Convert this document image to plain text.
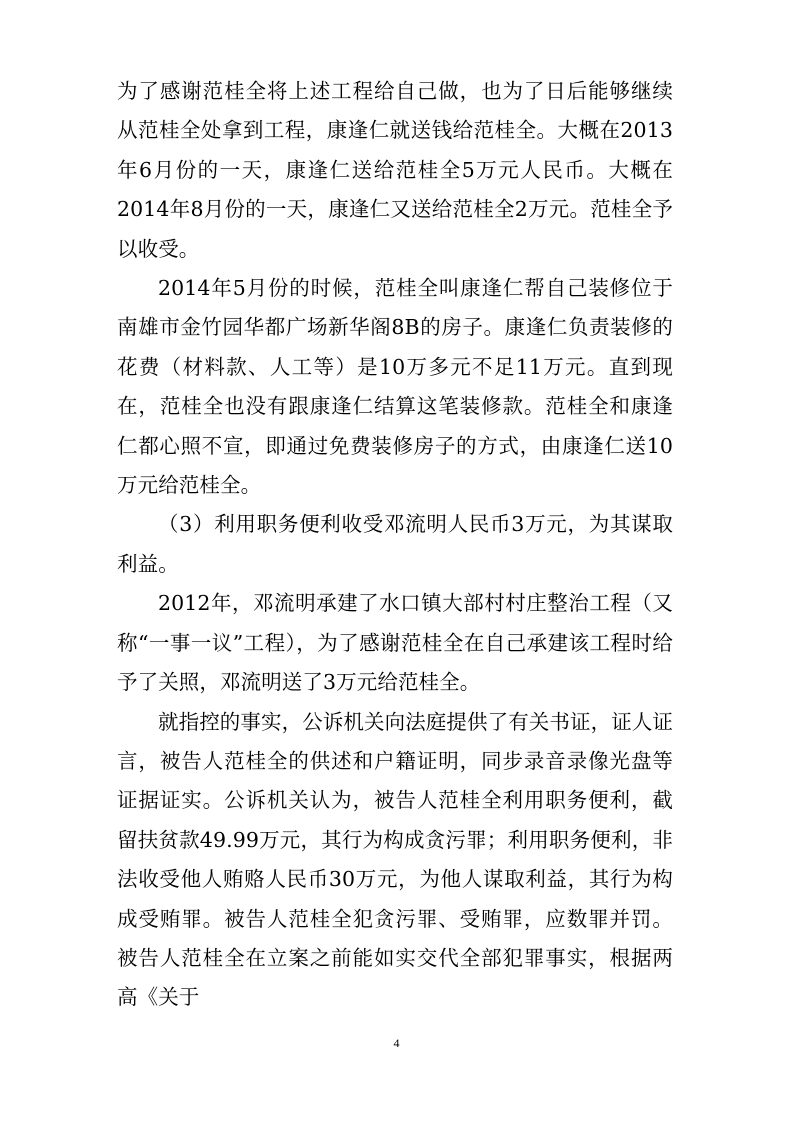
为了感谢范桂全将上述工程给自己做，也为了日后能够继续从范桂全处拿到工程，康逢仁就送钱给范桂全。大概在2013年6月份的一天，康逢仁送给范桂全5万元人民币。大概在2014年8月份的一天，康逢仁又送给范桂全2万元。范桂全予以收受。

2014年5月份的时候，范桂全叫康逢仁帮自己装修位于南雄市金竹园华都广场新华阁8B的房子。康逢仁负责装修的花费（材料款、人工等）是10万多元不足11万元。直到现在，范桂全也没有跟康逢仁结算这笔装修款。范桂全和康逢仁都心照不宣，即通过免费装修房子的方式，由康逢仁送10万元给范桂全。

（3）利用职务便利收受邓流明人民币3万元，为其谋取利益。

2012年，邓流明承建了水口镇大部村村庄整治工程（又称“一事一议”工程），为了感谢范桂全在自己承建该工程时给予了关照，邓流明送了3万元给范桂全。

就指控的事实，公诉机关向法庭提供了有关书证，证人证言，被告人范桂全的供述和户籍证明，同步录音录像光盘等证据证实。公诉机关认为，被告人范桂全利用职务便利，截留扶贫款49.99万元，其行为构成贪污罪；利用职务便利，非法收受他人贿赂人民币30万元，为他人谋取利益，其行为构成受贿罪。被告人范桂全犯贪污罪、受贿罪，应数罪并罚。被告人范桂全在立案之前能如实交代全部犯罪事实，根据两高《关于

4
